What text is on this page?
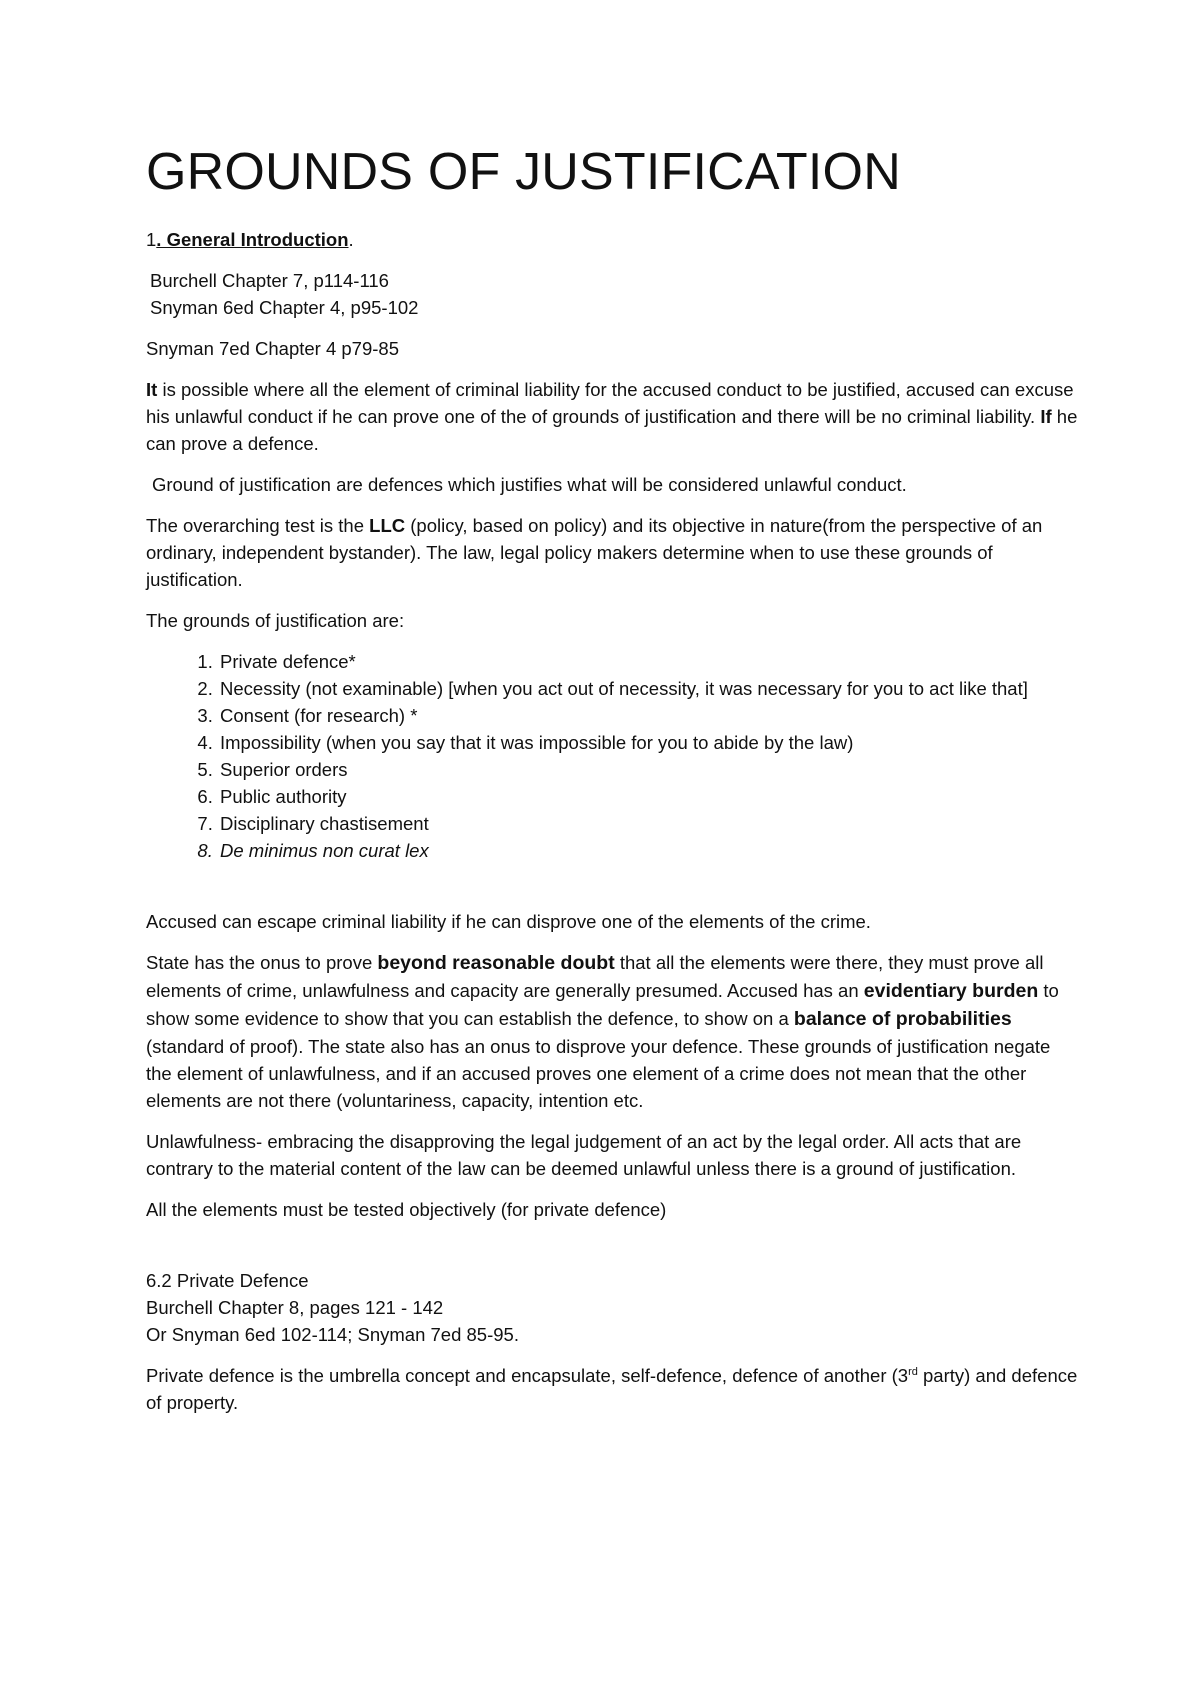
GROUNDS OF JUSTIFICATION

1. General Introduction.

Burchell Chapter 7, p114-116

Snyman 6ed Chapter 4, p95-102

Snyman 7ed Chapter 4 p79-85

It is possible where all the element of criminal liability for the accused conduct to be justified, accused can excuse his unlawful conduct if he can prove one of the of grounds of justification and there will be no criminal liability. If he can prove a defence.

Ground of justification are defences which justifies what will be considered unlawful conduct.

The overarching test is the LLC (policy, based on policy) and its objective in nature(from the perspective of an ordinary, independent bystander). The law, legal policy makers determine when to use these grounds of justification.

The grounds of justification are:

1. Private defence*
2. Necessity (not examinable) [when you act out of necessity, it was necessary for you to act like that]
3. Consent (for research) *
4. Impossibility (when you say that it was impossible for you to abide by the law)
5. Superior orders
6. Public authority
7. Disciplinary chastisement
8. De minimus non curat lex

Accused can escape criminal liability if he can disprove one of the elements of the crime.

State has the onus to prove beyond reasonable doubt that all the elements were there, they must prove all elements of crime, unlawfulness and capacity are generally presumed. Accused has an evidentiary burden to show some evidence to show that you can establish the defence, to show on a balance of probabilities (standard of proof). The state also has an onus to disprove your defence. These grounds of justification negate the element of unlawfulness, and if an accused proves one element of a crime does not mean that the other elements are not there (voluntariness, capacity, intention etc.

Unlawfulness- embracing the disapproving the legal judgement of an act by the legal order. All acts that are contrary to the material content of the law can be deemed unlawful unless there is a ground of justification.

All the elements must be tested objectively (for private defence)

6.2 Private Defence

Burchell Chapter 8, pages 121 - 142

Or Snyman 6ed 102-114; Snyman 7ed 85-95.

Private defence is the umbrella concept and encapsulate, self-defence, defence of another (3rd party) and defence of property.
